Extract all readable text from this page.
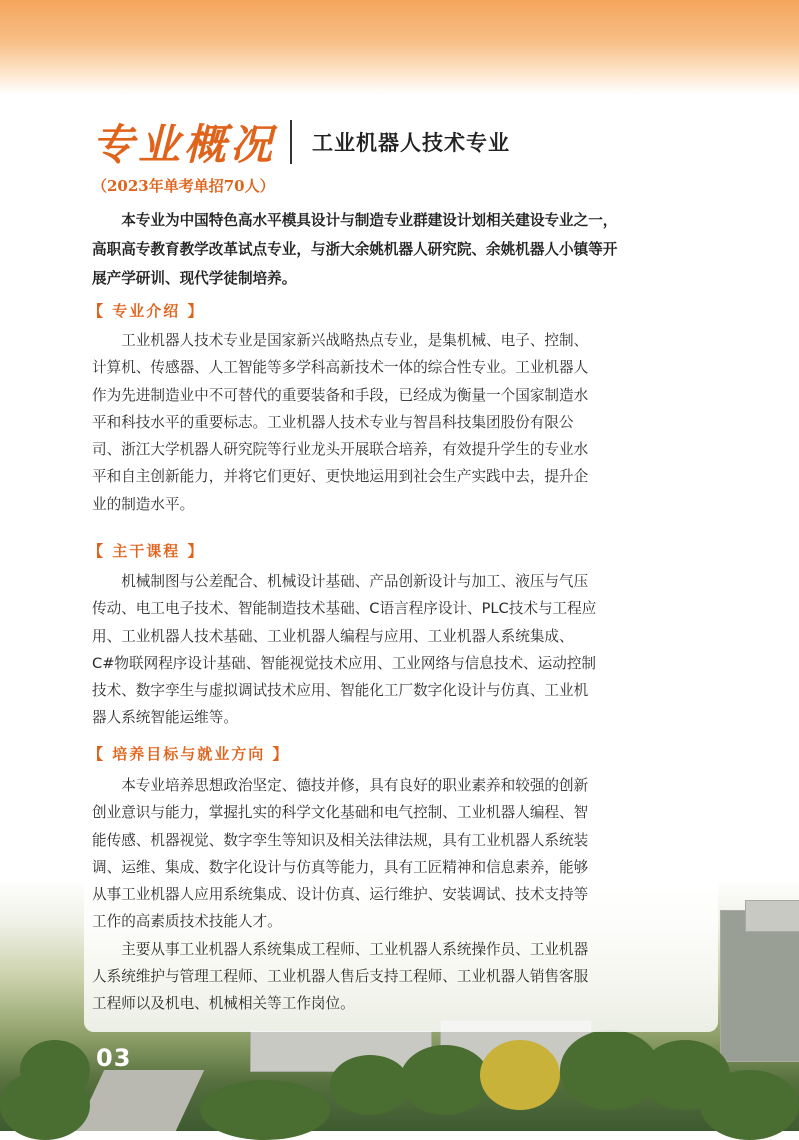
专业概况 工业机器人技术专业
（2023年单考单招70人）
　　本专业为中国特色高水平模具设计与制造专业群建设计划相关建设专业之一，
高职高专教育教学改革试点专业，与浙大余姚机器人研究院、余姚机器人小镇等开
展产学研训、现代学徒制培养。
【 专业介绍 】
　　工业机器人技术专业是国家新兴战略热点专业，是集机械、电子、控制、
计算机、传感器、人工智能等多学科高新技术一体的综合性专业。工业机器人
作为先进制造业中不可替代的重要装备和手段，已经成为衡量一个国家制造水
平和科技水平的重要标志。工业机器人技术专业与智昌科技集团股份有限公
司、浙江大学机器人研究院等行业龙头开展联合培养，有效提升学生的专业水
平和自主创新能力，并将它们更好、更快地运用到社会生产实践中去，提升企
业的制造水平。
【 主干课程 】
　　机械制图与公差配合、机械设计基础、产品创新设计与加工、液压与气压
传动、电工电子技术、智能制造技术基础、C语言程序设计、PLC技术与工程应
用、工业机器人技术基础、工业机器人编程与应用、工业机器人系统集成、
C#物联网程序设计基础、智能视觉技术应用、工业网络与信息技术、运动控制
技术、数字孪生与虚拟调试技术应用、智能化工厂数字化设计与仿真、工业机
器人系统智能运维等。
【 培养目标与就业方向 】
　　本专业培养思想政治坚定、德技并修，具有良好的职业素养和较强的创新
创业意识与能力，掌握扎实的科学文化基础和电气控制、工业机器人编程、智
能传感、机器视觉、数字孪生等知识及相关法律法规，具有工业机器人系统装
调、运维、集成、数字化设计与仿真等能力，具有工匠精神和信息素养，能够
从事工业机器人应用系统集成、设计仿真、运行维护、安装调试、技术支持等
工作的高素质技术技能人才。
　　主要从事工业机器人系统集成工程师、工业机器人系统操作员、工业机器
人系统维护与管理工程师、工业机器人售后支持工程师、工业机器人销售客服
工程师以及机电、机械相关等工作岗位。
03
